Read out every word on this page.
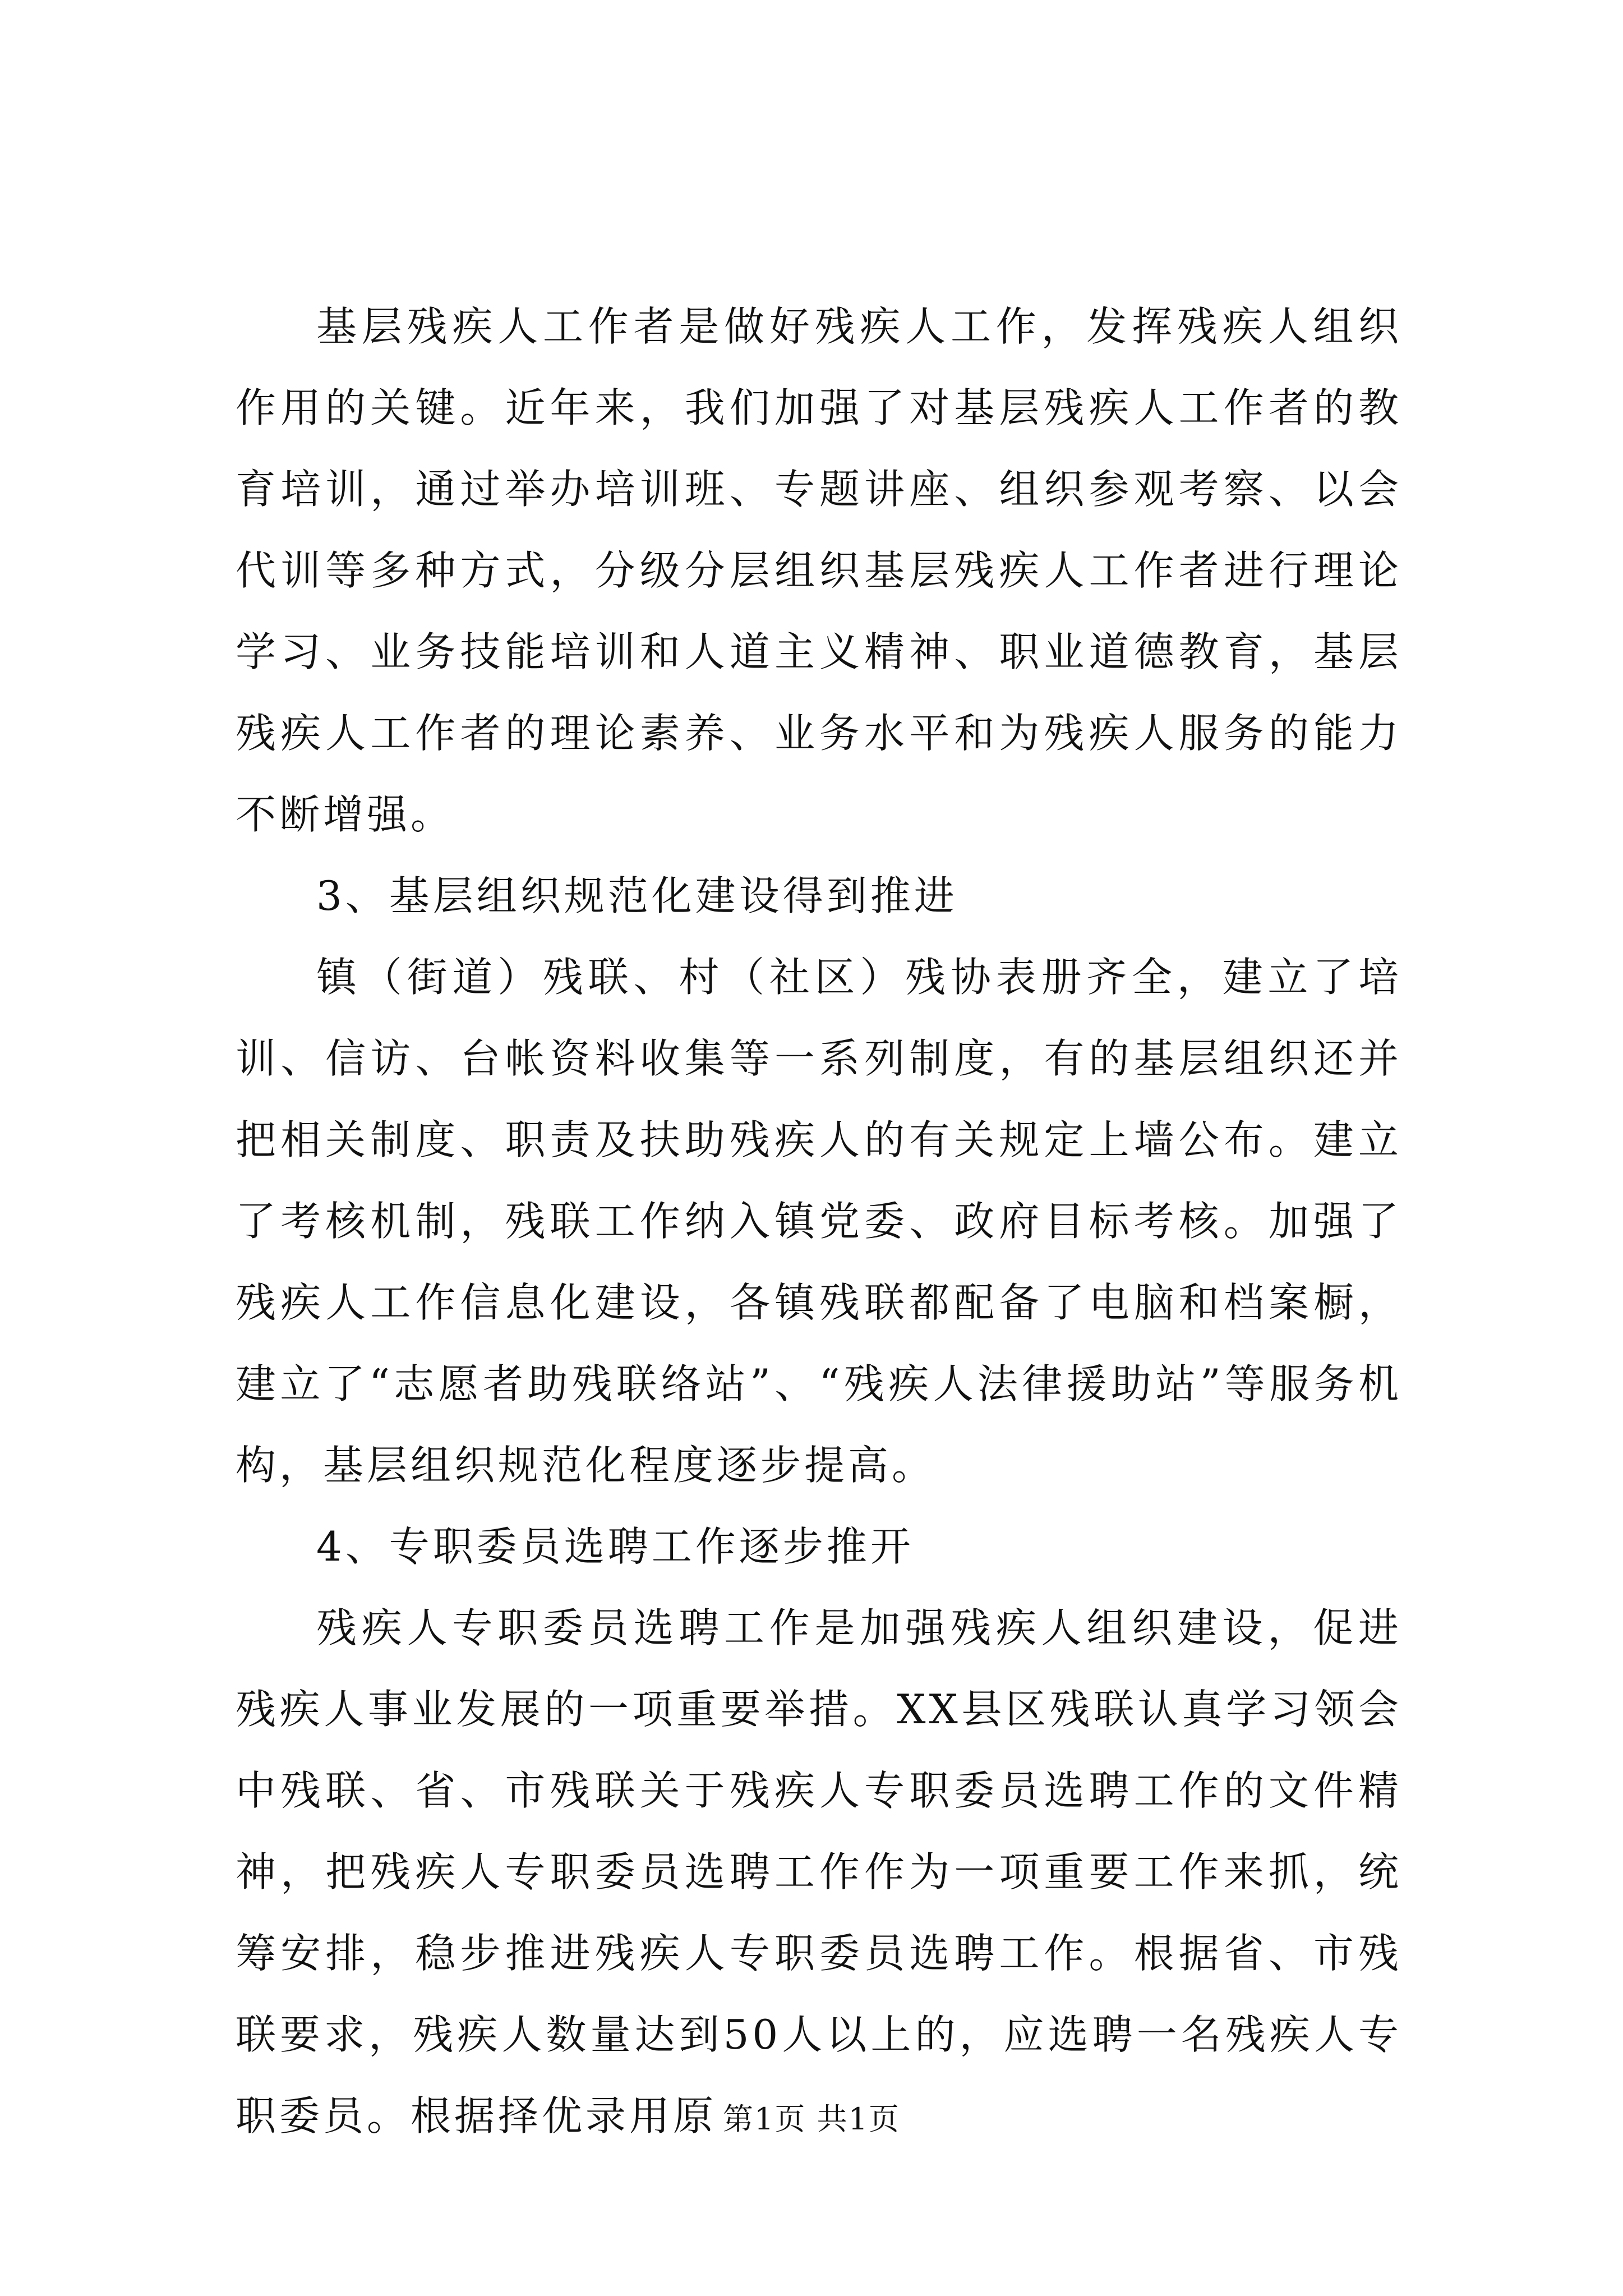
基层残疾人工作者是做好残疾人工作，发挥残疾人组织作用的关键。近年来，我们加强了对基层残疾人工作者的教育培训，通过举办培训班、专题讲座、组织参观考察、以会代训等多种方式，分级分层组织基层残疾人工作者进行理论学习、业务技能培训和人道主义精神、职业道德教育，基层残疾人工作者的理论素养、业务水平和为残疾人服务的能力不断增强。

3、基层组织规范化建设得到推进

镇（街道）残联、村（社区）残协表册齐全，建立了培训、信访、台帐资料收集等一系列制度，有的基层组织还并把相关制度、职责及扶助残疾人的有关规定上墙公布。建立了考核机制，残联工作纳入镇党委、政府目标考核。加强了残疾人工作信息化建设，各镇残联都配备了电脑和档案橱，建立了“志愿者助残联络站”、“残疾人法律援助站”等服务机构，基层组织规范化程度逐步提高。

4、专职委员选聘工作逐步推开

残疾人专职委员选聘工作是加强残疾人组织建设，促进残疾人事业发展的一项重要举措。XX县区残联认真学习领会中残联、省、市残联关于残疾人专职委员选聘工作的文件精神，把残疾人专职委员选聘工作作为一项重要工作来抓，统筹安排，稳步推进残疾人专职委员选聘工作。根据省、市残联要求，残疾人数量达到50人以上的，应选聘一名残疾人专职委员。根据择优录用原 第1页 共1页
